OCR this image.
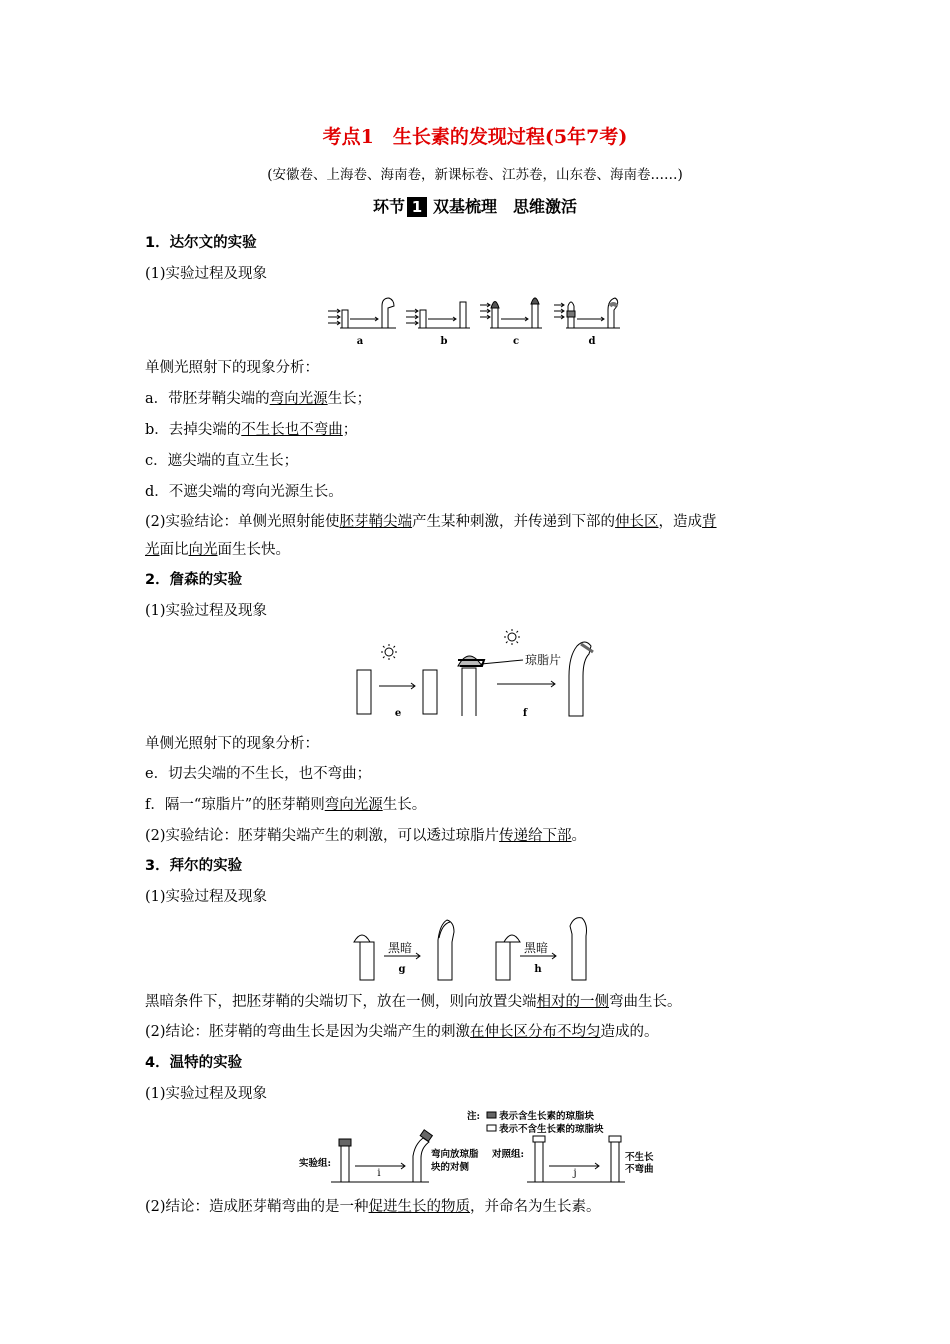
考点1　生长素的发现过程(5年7考)
(安徽卷、上海卷、海南卷，新课标卷、江苏卷，山东卷、海南卷……)
环节 1 双基梳理　思维激活
1．达尔文的实验
(1)实验过程及现象
a	b	c	d
单侧光照射下的现象分析：
a．带胚芽鞘尖端的弯向光源生长；
b．去掉尖端的不生长也不弯曲；
c．遮尖端的直立生长；
d．不遮尖端的弯向光源生长。
(2)实验结论：单侧光照射能使胚芽鞘尖端产生某种刺激，并传递到下部的伸长区，造成背
光面比向光面生长快。
2．詹森的实验
(1)实验过程及现象
琼脂片
e	f
单侧光照射下的现象分析：
e．切去尖端的不生长，也不弯曲；
f．隔一“琼脂片”的胚芽鞘则弯向光源生长。
(2)实验结论：胚芽鞘尖端产生的刺激，可以透过琼脂片传递给下部。
3．拜尔的实验
(1)实验过程及现象
黑暗	黑暗
g	h
黑暗条件下，把胚芽鞘的尖端切下，放在一侧，则向放置尖端相对的一侧弯曲生长。
(2)结论：胚芽鞘的弯曲生长是因为尖端产生的刺激在伸长区分布不均匀造成的。
4．温特的实验
(1)实验过程及现象
注: 表示含生长素的琼脂块
表示不含生长素的琼脂块
实验组:
弯向放琼脂
块的对侧
对照组:	不生长
不弯曲
i	j
(2)结论：造成胚芽鞘弯曲的是一种促进生长的物质，并命名为生长素。
